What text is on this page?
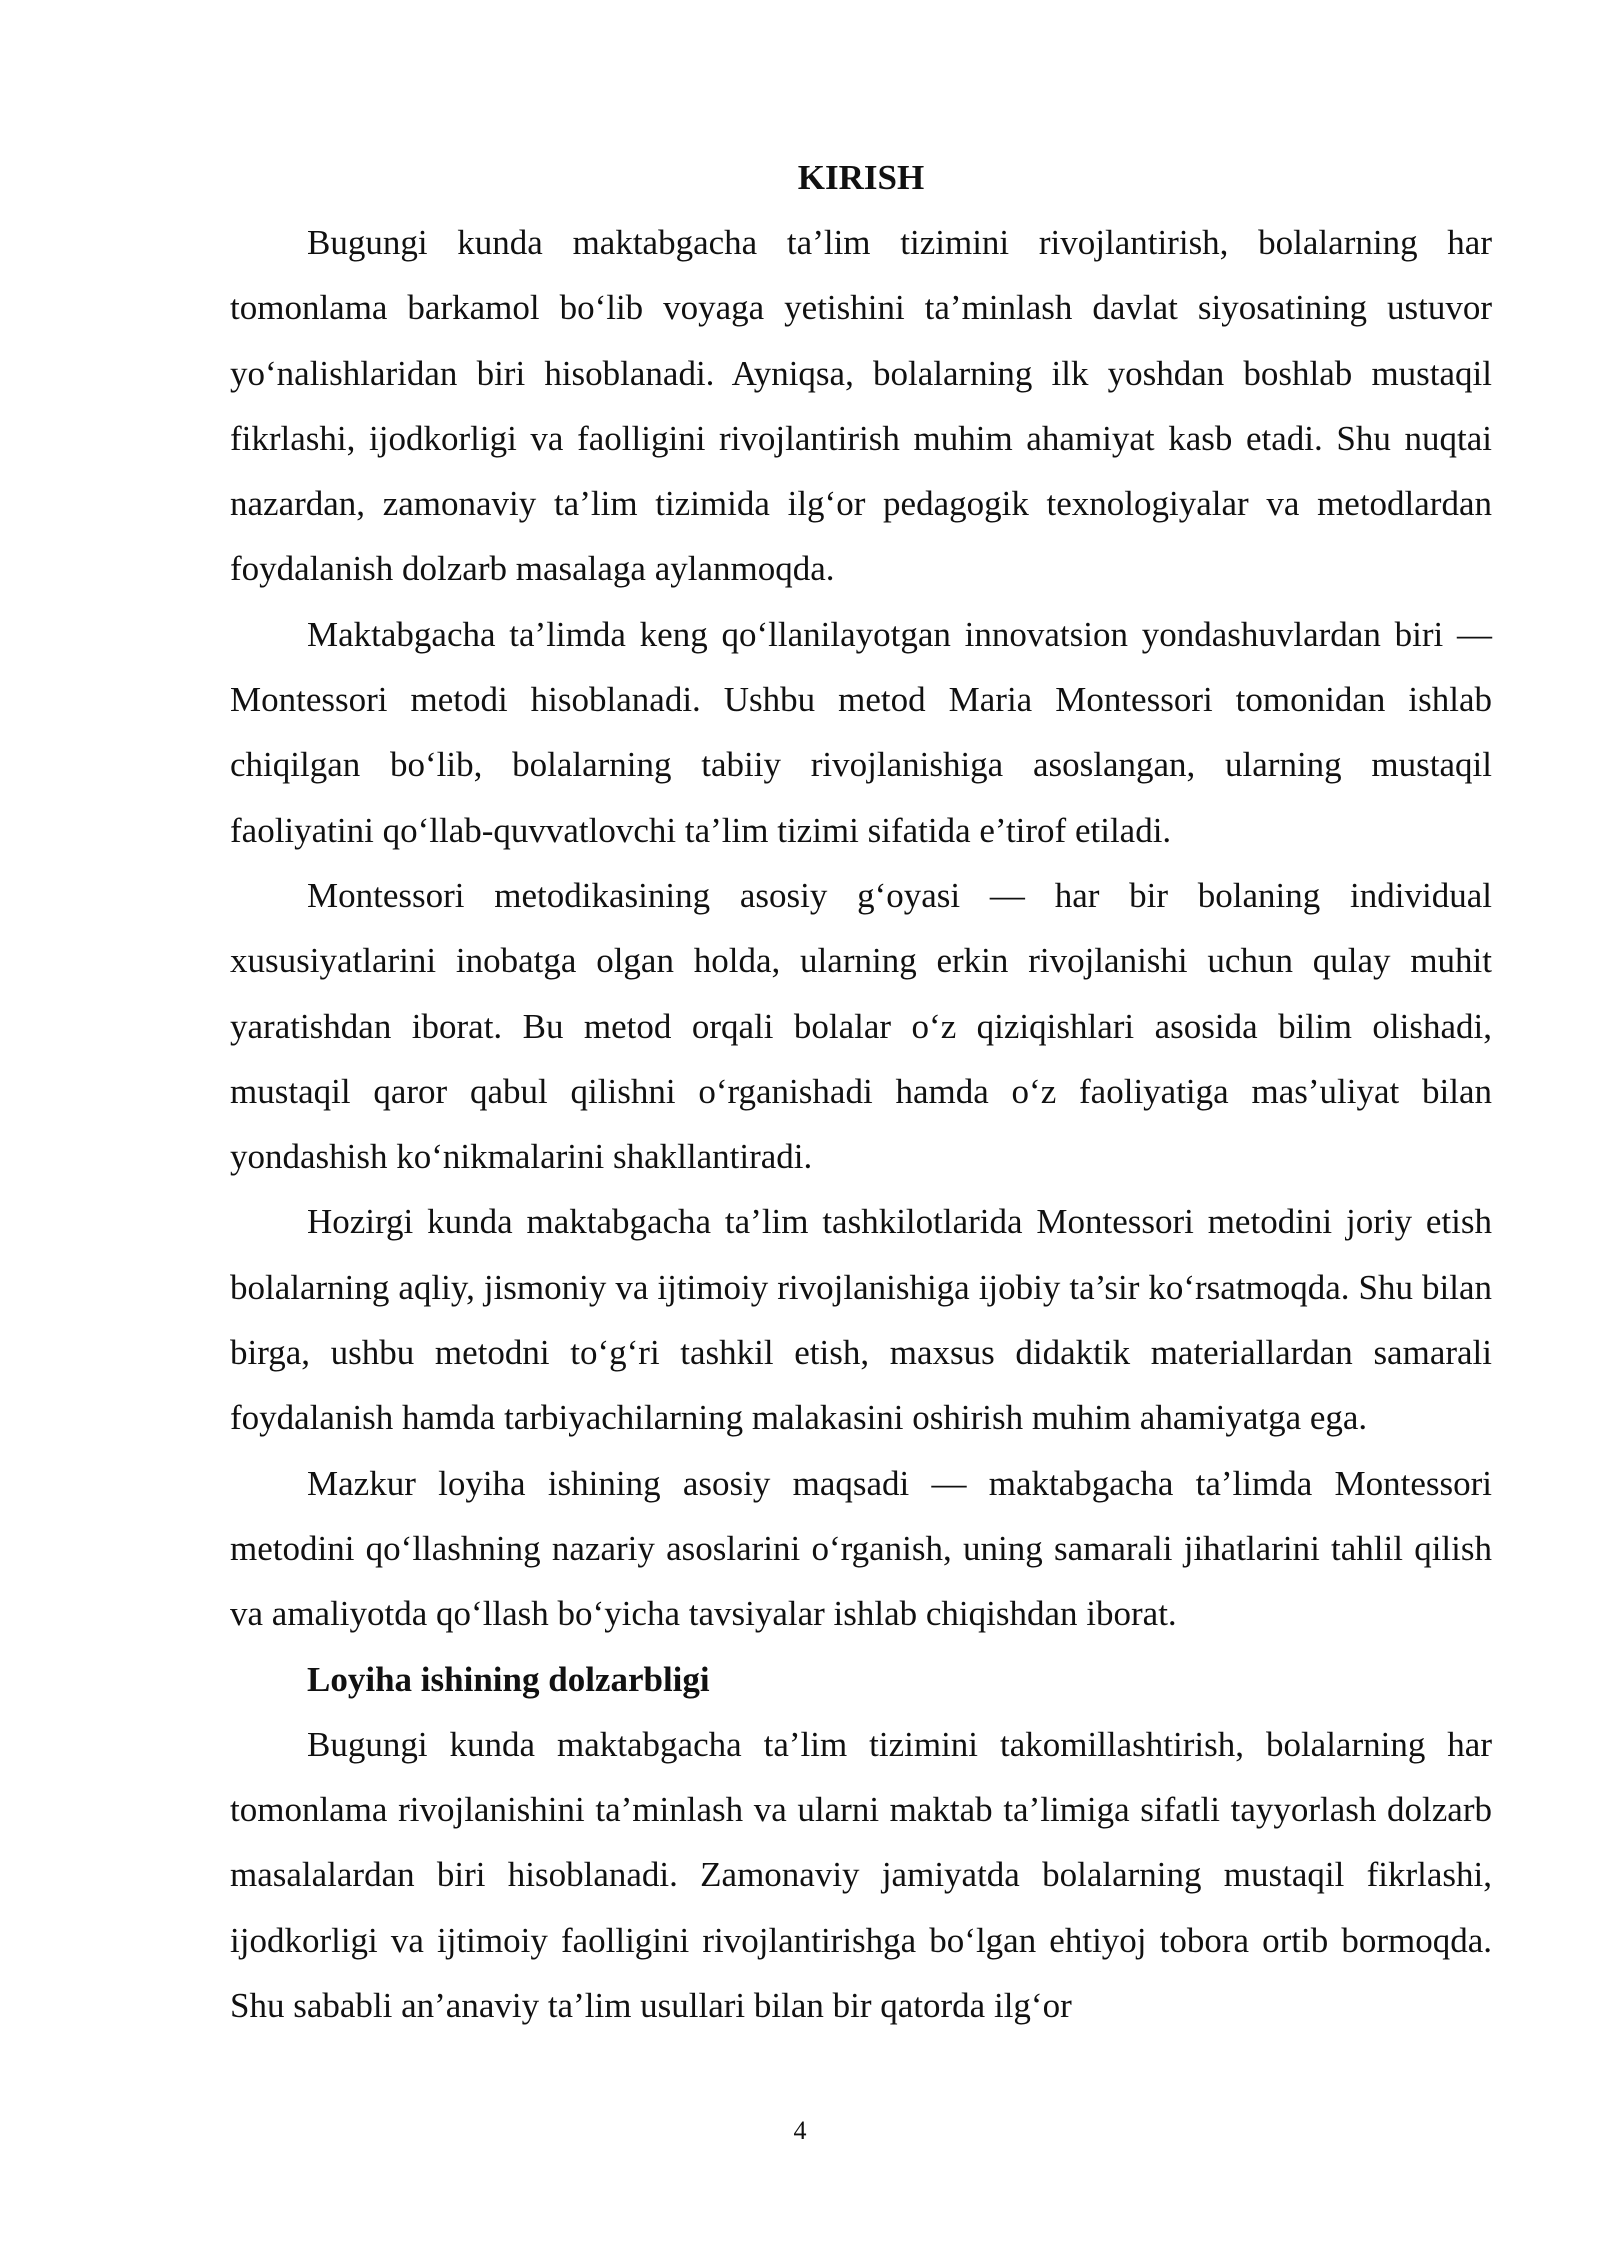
KIRISH

Bugungi kunda maktabgacha ta’lim tizimini rivojlantirish, bolalarning har tomonlama barkamol bo‘lib voyaga yetishini ta’minlash davlat siyosatining ustuvor yo‘nalishlaridan biri hisoblanadi. Ayniqsa, bolalarning ilk yoshdan boshlab mustaqil fikrlashi, ijodkorligi va faolligini rivojlantirish muhim ahamiyat kasb etadi. Shu nuqtai nazardan, zamonaviy ta’lim tizimida ilg‘or pedagogik texnologiyalar va metodlardan foydalanish dolzarb masalaga aylanmoqda.

Maktabgacha ta’limda keng qo‘llanilayotgan innovatsion yondashuvlardan biri — Montessori metodi hisoblanadi. Ushbu metod Maria Montessori tomonidan ishlab chiqilgan bo‘lib, bolalarning tabiiy rivojlanishiga asoslangan, ularning mustaqil faoliyatini qo‘llab-quvvatlovchi ta’lim tizimi sifatida e’tirof etiladi.

Montessori metodikasining asosiy g‘oyasi — har bir bolaning individual xususiyatlarini inobatga olgan holda, ularning erkin rivojlanishi uchun qulay muhit yaratishdan iborat. Bu metod orqali bolalar o‘z qiziqishlari asosida bilim olishadi, mustaqil qaror qabul qilishni o‘rganishadi hamda o‘z faoliyatiga mas’uliyat bilan yondashish ko‘nikmalarini shakllantiradi.

Hozirgi kunda maktabgacha ta’lim tashkilotlarida Montessori metodini joriy etish bolalarning aqliy, jismoniy va ijtimoiy rivojlanishiga ijobiy ta’sir ko‘rsatmoqda. Shu bilan birga, ushbu metodni to‘g‘ri tashkil etish, maxsus didaktik materiallardan samarali foydalanish hamda tarbiyachilarning malakasini oshirish muhim ahamiyatga ega.

Mazkur loyiha ishining asosiy maqsadi — maktabgacha ta’limda Montessori metodini qo‘llashning nazariy asoslarini o‘rganish, uning samarali jihatlarini tahlil qilish va amaliyotda qo‘llash bo‘yicha tavsiyalar ishlab chiqishdan iborat.

Loyiha ishining dolzarbligi

Bugungi kunda maktabgacha ta’lim tizimini takomillashtirish, bolalarning har tomonlama rivojlanishini ta’minlash va ularni maktab ta’limiga sifatli tayyorlash dolzarb masalalardan biri hisoblanadi. Zamonaviy jamiyatda bolalarning mustaqil fikrlashi, ijodkorligi va ijtimoiy faolligini rivojlantirishga bo‘lgan ehtiyoj tobora ortib bormoqda. Shu sababli an’anaviy ta’lim usullari bilan bir qatorda ilg‘or

4
